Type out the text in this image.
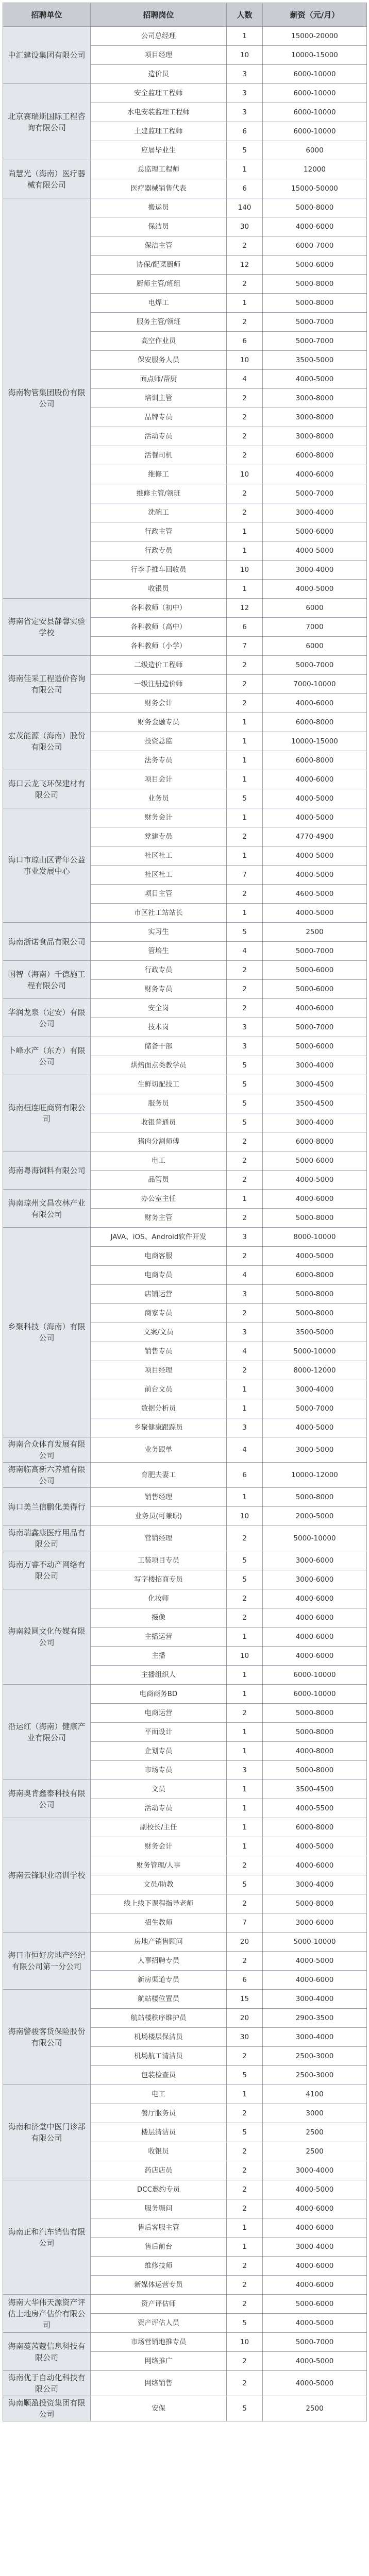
招聘单位	招聘岗位	人数	薪资（元/月）
中汇建设集团有限公司	公司总经理	1	15000-20000
	项目经理	10	10000-15000
	造价员	3	6000-10000
北京赛瑞斯国际工程咨询有限公司	安全监理工程师	3	6000-10000
	水电安装监理工程师	3	6000-10000
	土建监理工程师	6	6000-10000
	应届毕业生	5	6000
尚慧光（海南）医疗器械有限公司	总监理工程师	1	12000
	医疗器械销售代表	6	15000-50000
海南物管集团股份有限公司	搬运员	140	5000-8000
	保洁员	30	4000-6000
	保洁主管	2	6000-7000
	协保/配菜厨师	12	5000-6000
	厨师主管/班组	2	5000-8000
	电焊工	1	5000-8000
	服务主管/领班	2	5000-7000
	高空作业员	6	5000-7000
	保安服务人员	10	3500-5000
	面点师/帮厨	4	4000-5000
	培训主管	2	3000-8000
	品牌专员	2	3000-8000
	活动专员	2	3000-8000
	活餐司机	2	6000-8000
	维修工	10	4000-6000
	维修主管/领班	2	5000-7000
	洗碗工	2	3000-4000
	行政主管	1	5000-6000
	行政专员	1	4000-5000
	行李手推车回收员	10	3000-4000
	收银员	1	4000-5000
海南省定安县静馨实验学校	各科教师（初中）	12	6000
	各科教师（高中）	6	7000
	各科教师（小学）	7	6000
海南佳采工程造价咨询有限公司	二级造价工程师	2	5000-7000
	一级注册造价师	2	7000-10000
	财务会计	2	4000-6000
宏茂能源（海南）股份有限公司	财务金融专员	1	6000-8000
	投资总监	1	10000-15000
	法务专员	1	6000-8000
海口云龙飞环保建材有限公司	项目会计	1	4000-6000
	业务员	5	4000-5000
海口市琼山区青年公益事业发展中心	财务会计	1	4000-5000
	党建专员	2	4770-4900
	社区社工	1	4000-5000
	社区社工	7	4000-5000
	项目主管	2	4600-5000
	市区社工站站长	1	4000-5000
海南浙诺食品有限公司	实习生	5	2500
	管培生	4	5000-7000
国智（海南）千德施工程有限公司	行政专员	2	5000-6000
	财务专员	2	5000-6000
华润龙泉（定安）有限公司	安全岗	2	4000-6000
	技术岗	3	5000-7000
卜峰水产（东方）有限公司	储备干部	3	5000-6000
	烘焙面点类教学员	5	3000-4000
海南桓连旺商贸有限公司	生鲜切配技工	5	3000-4500
	服务员	5	3500-4500
	收银普通员	5	3000-4000
	猪肉分割师傅	2	6000-8000
海南粤海饲料有限公司	电工	2	5000-6000
	品管员	2	4000-5000
海南琼州文昌农林产业有限公司	办公室主任	1	4000-6000
	财务主管	2	5000-8000
乡聚科技（海南）有限公司	JAVA、iOS、Android软件开发	3	8000-10000
	电商客服	2	4000-5000
	电商专员	4	6000-8000
	店铺运营	3	5000-8000
	商家专员	2	5000-8000
	文案/文员	3	3500-5000
	销售专员	4	5000-10000
	项目经理	2	8000-12000
	前台文员	1	3000-4000
	数据分析员	1	5000-7000
	乡聚健康跟踪员	3	4000-5000
海南合众体育发展有限公司	业务跟单	4	3000-5000
海南临高新六养殖有限公司	育肥夫妻工	6	10000-12000
海口美兰信鹏化美得行	销售经理	1	5000-8000
	业务员(可兼职)	10	2000-5000
海南瑞鑫康医疗用品有限公司	营销经理	2	5000-10000
海南万睿不动产网络有限公司	工装项目专员	5	3000-6000
	写字楼招商专员	5	3000-6000
海南毅圆文化传媒有限公司	化妆师	2	4000-6000
	摄像	2	4000-6000
	主播运营	1	4000-6000
	主播	10	4000-6000
	主播组织人	1	6000-10000
沿运红（海南）健康产业有限公司	电商商务BD	1	6000-10000
	电商运营	2	5000-8000
	平面设计	1	5000-8000
	企划专员	1	4000-8000
	市场专员	3	5000-8000
海南奥肯鑫泰科技有限公司	文员	1	3500-4500
	活动专员	1	4000-5500
海南云锋职业培训学校	副校长/主任	1	6000-8000
	财务会计	1	4000-5000
	财务管理/人事	2	4000-6000
	文员/助教	5	3000-4000
	线上线下课程指导老师	2	5000-8000
	招生教师	7	3000-6000
海口市恒好房地产经纪有限公司第一分公司	房地产销售顾问	20	5000-10000
	人事招聘专员	2	4000-5000
	新房渠道专员	6	4000-6000
海南警骏客货保险股份有限公司	航站楼位置员	15	3000-4000
	航站楼秩序维护员	20	2900-3500
	机场楼层保洁员	30	3000-4000
	机场航工清洁员	2	2500-3000
	包装检查员	5	2500-3000
海南和济堂中医门诊部有限公司	电工	1	4100
	餐厅服务员	2	3000
	楼层清洁员	5	2500
	收银员	2	2500
	药店店员	2	3000-4000
海南正和汽车销售有限公司	DCC邀约专员	2	4000-5000
	服务顾问	2	4000-6000
	售后客服主管	1	4000-6000
	售后前台	1	3000-4000
	维修技师	2	4000-6000
	新媒体运营专员	2	4000-6000
海南大华伟天源资产评估土地房产估价有限公司	资产评估师	2	5000-6000
	资产评估人员	5	4000-5000
海南蔓茜蔻信息科技有限公司	市场营销地推专员	10	5000-7000
	网络推广	2	4000-5000
海南优于自动化科技有限公司	网络销售	2	4000-5000
海南顺盈投资集团有限公司	安保	5	2500
